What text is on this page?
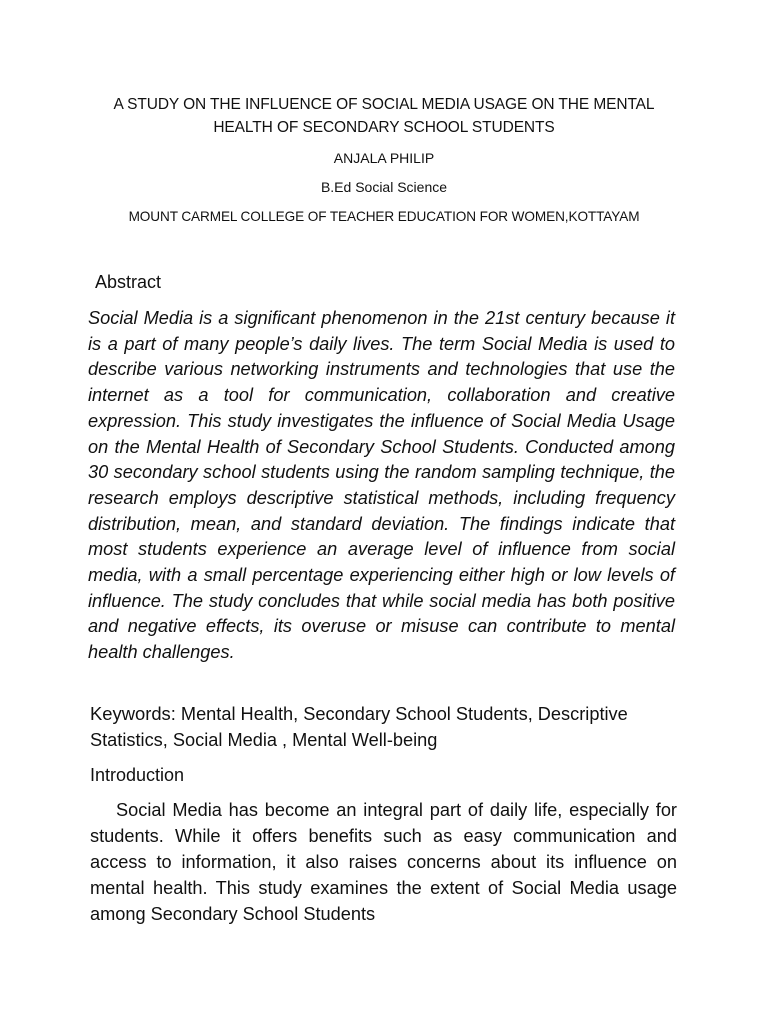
A STUDY ON THE INFLUENCE OF SOCIAL MEDIA USAGE ON THE MENTAL HEALTH OF SECONDARY SCHOOL STUDENTS
ANJALA PHILIP
B.Ed Social Science
MOUNT CARMEL COLLEGE OF TEACHER EDUCATION FOR WOMEN,KOTTAYAM
Abstract

Social Media is a significant phenomenon in the 21st century because it is a part of many people’s daily lives. The term Social Media is used to describe various networking instruments and technologies that use the internet as a tool for communication, collaboration and creative expression. This study investigates the influence of Social Media Usage on the Mental Health of Secondary School Students. Conducted among 30 secondary school students using the random sampling technique, the research employs descriptive statistical methods, including frequency distribution, mean, and standard deviation. The findings indicate that most students experience an average level of influence from social media, with a small percentage experiencing either high or low levels of influence. The study concludes that while social media has both positive and negative effects, its overuse or misuse can contribute to mental health challenges.

Keywords: Mental Health, Secondary School Students, Descriptive Statistics, Social Media , Mental Well-being

Introduction

Social Media has become an integral part of daily life, especially for students. While it offers benefits such as easy communication and access to information, it also raises concerns about its influence on mental health. This study examines the extent of Social Media usage among Secondary School Students
